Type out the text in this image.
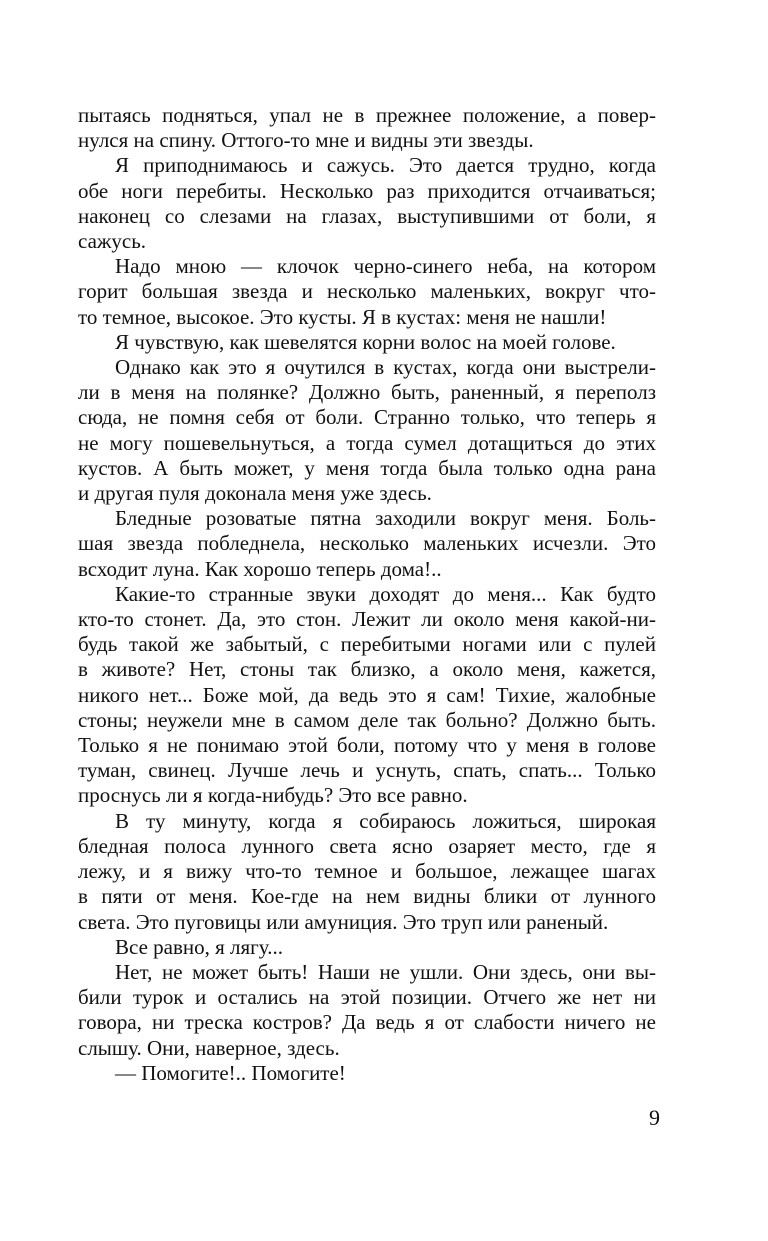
пытаясь подняться, упал не в прежнее положение, а повер-
нулся на спину. Оттого-то мне и видны эти звезды.
Я приподнимаюсь и сажусь. Это дается трудно, когда
обе ноги перебиты. Несколько раз приходится отчаиваться;
наконец со слезами на глазах, выступившими от боли, я
сажусь.
Надо мною — клочок черно-синего неба, на котором
горит большая звезда и несколько маленьких, вокруг что-
то темное, высокое. Это кусты. Я в кустах: меня не нашли!
Я чувствую, как шевелятся корни волос на моей голове.
Однако как это я очутился в кустах, когда они выстрели-
ли в меня на полянке? Должно быть, раненный, я переполз
сюда, не помня себя от боли. Странно только, что теперь я
не могу пошевельнуться, а тогда сумел дотащиться до этих
кустов. А быть может, у меня тогда была только одна рана
и другая пуля доконала меня уже здесь.
Бледные розоватые пятна заходили вокруг меня. Боль-
шая звезда побледнела, несколько маленьких исчезли. Это
всходит луна. Как хорошо теперь дома!..
Какие-то странные звуки доходят до меня... Как будто
кто-то стонет. Да, это стон. Лежит ли около меня какой-ни-
будь такой же забытый, с перебитыми ногами или с пулей
в животе? Нет, стоны так близко, а около меня, кажется,
никого нет... Боже мой, да ведь это я сам! Тихие, жалобные
стоны; неужели мне в самом деле так больно? Должно быть.
Только я не понимаю этой боли, потому что у меня в голове
туман, свинец. Лучше лечь и уснуть, спать, спать... Только
проснусь ли я когда-нибудь? Это все равно.
В ту минуту, когда я собираюсь ложиться, широкая
бледная полоса лунного света ясно озаряет место, где я
лежу, и я вижу что-то темное и большое, лежащее шагах
в пяти от меня. Кое-где на нем видны блики от лунного
света. Это пуговицы или амуниция. Это труп или раненый.
Все равно, я лягу...
Нет, не может быть! Наши не ушли. Они здесь, они вы-
били турок и остались на этой позиции. Отчего же нет ни
говора, ни треска костров? Да ведь я от слабости ничего не
слышу. Они, наверное, здесь.
— Помогите!.. Помогите!
9
